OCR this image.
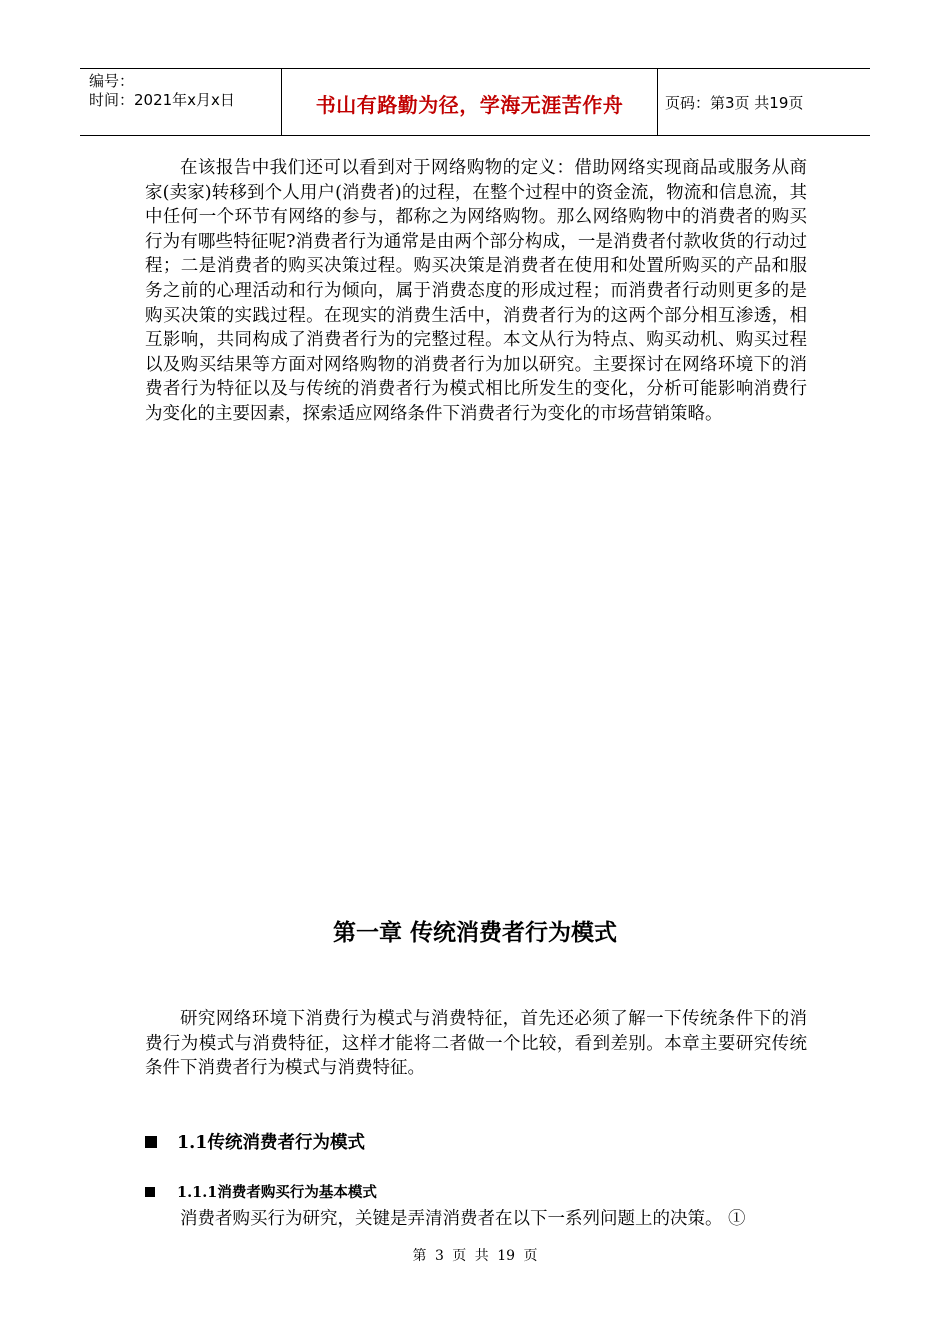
编号：
时间：2021年x月x日	书山有路勤为径，学海无涯苦作舟	页码：第3页 共19页

在该报告中我们还可以看到对于网络购物的定义：借助网络实现商品或服务从商家(卖家)转移到个人用户(消费者)的过程，在整个过程中的资金流，物流和信息流，其中任何一个环节有网络的参与，都称之为网络购物。那么网络购物中的消费者的购买行为有哪些特征呢?消费者行为通常是由两个部分构成，一是消费者付款收货的行动过程；二是消费者的购买决策过程。购买决策是消费者在使用和处置所购买的产品和服务之前的心理活动和行为倾向，属于消费态度的形成过程；而消费者行动则更多的是购买决策的实践过程。在现实的消费生活中，消费者行为的这两个部分相互渗透，相互影响，共同构成了消费者行为的完整过程。本文从行为特点、购买动机、购买过程以及购买结果等方面对网络购物的消费者行为加以研究。主要探讨在网络环境下的消费者行为特征以及与传统的消费者行为模式相比所发生的变化，分析可能影响消费行为变化的主要因素，探索适应网络条件下消费者行为变化的市场营销策略。

第一章 传统消费者行为模式

研究网络环境下消费行为模式与消费特征，首先还必须了解一下传统条件下的消费行为模式与消费特征，这样才能将二者做一个比较，看到差别。本章主要研究传统条件下消费者行为模式与消费特征。

1.1传统消费者行为模式
1.1.1消费者购买行为基本模式

消费者购买行为研究，关键是弄清消费者在以下一系列问题上的决策。 ①

第 3 页 共 19 页
